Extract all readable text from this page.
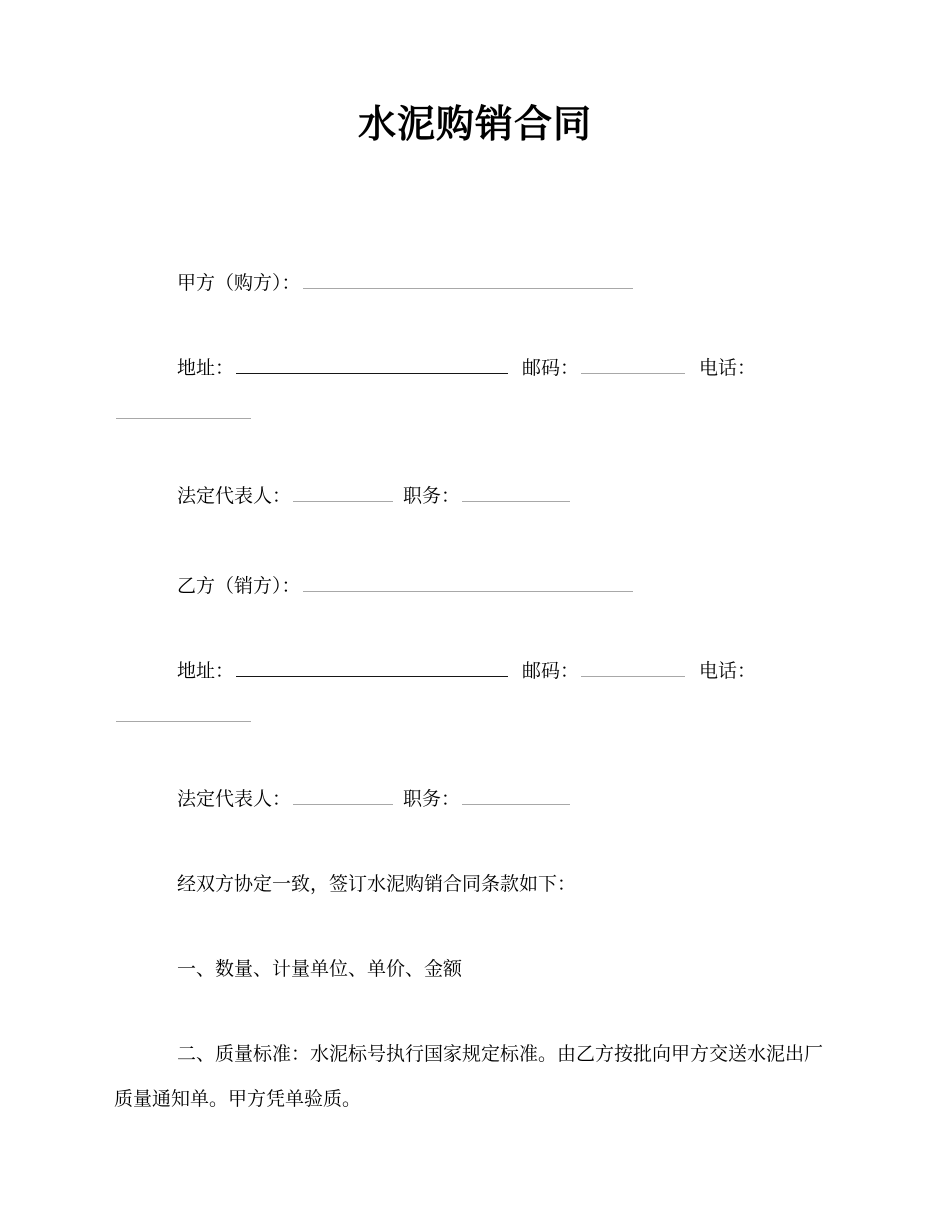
水泥购销合同

甲方（购方）：

地址：	邮码：	电话：

法定代表人：	职务：

乙方（销方）：

地址：	邮码：	电话：

法定代表人：	职务：

经双方协定一致，签订水泥购销合同条款如下：

一、数量、计量单位、单价、金额

二、质量标准：水泥标号执行国家规定标准。由乙方按批向甲方交送水泥出厂质量通知单。甲方凭单验质。
